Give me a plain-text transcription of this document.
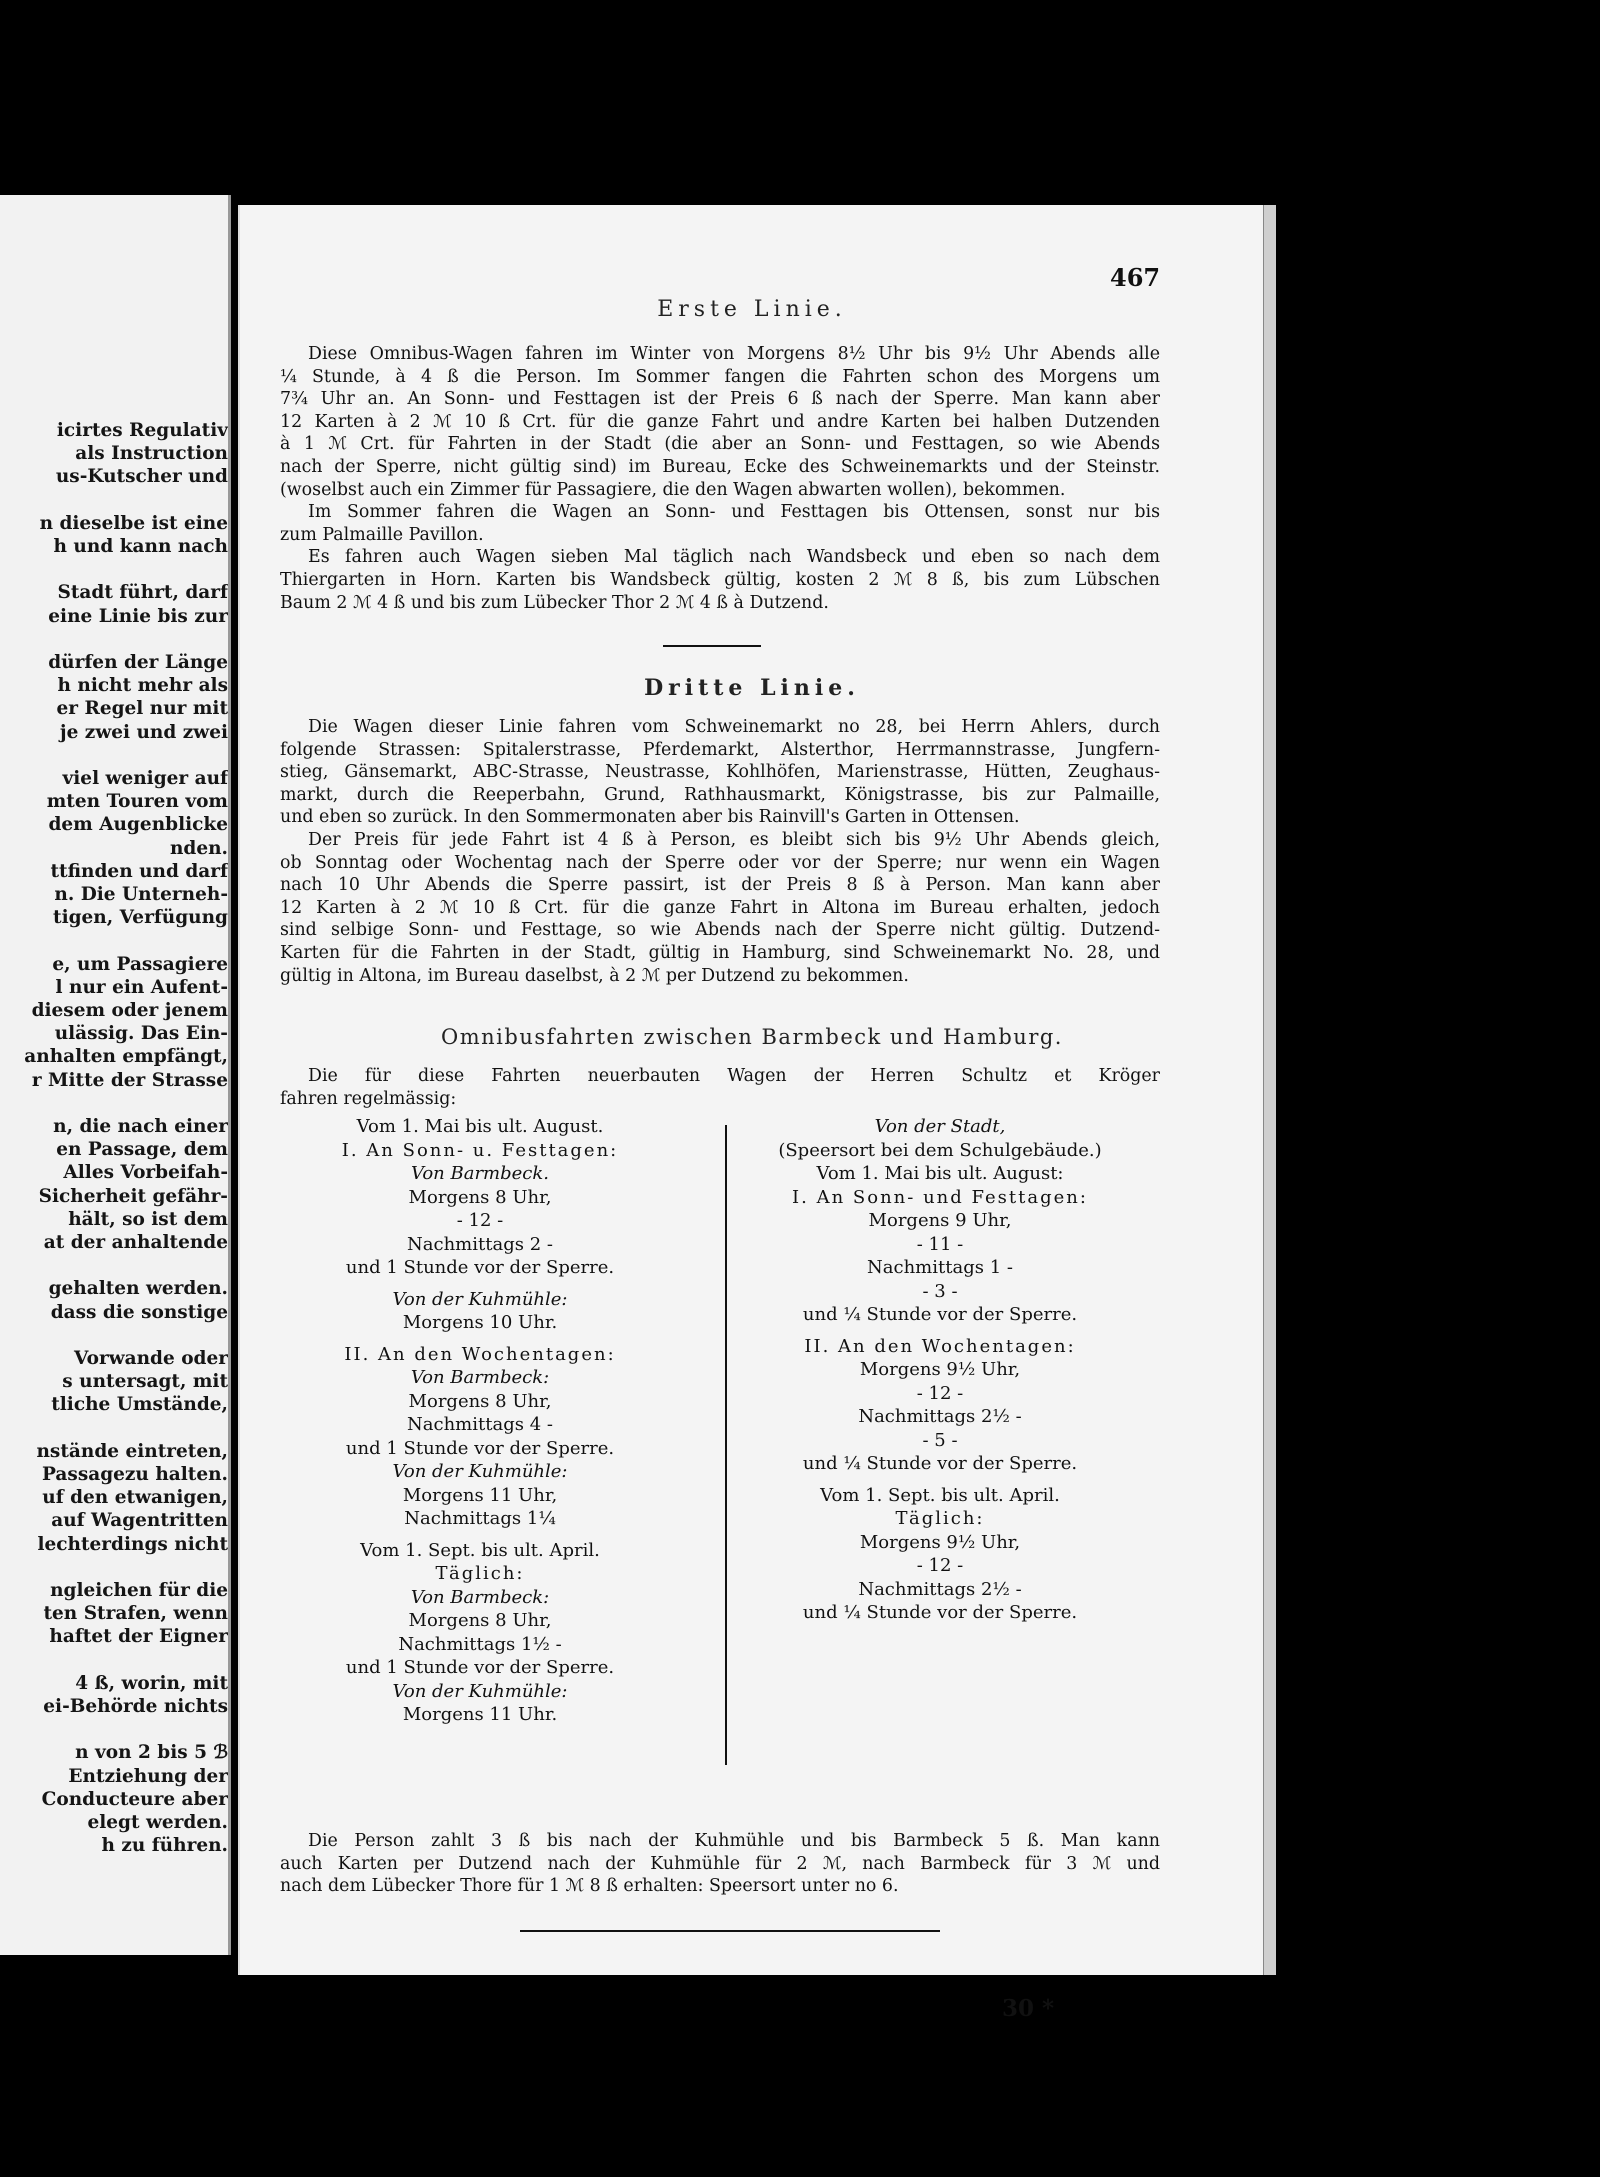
icirtes Regulativ
als Instruction
us-Kutscher und
n dieselbe ist eine
h und kann nach
Stadt führt, darf
eine Linie bis zur
dürfen der Länge
h nicht mehr als
er Regel nur mit
je zwei und zwei
viel weniger auf
mten Touren vom
dem Augenblicke
nden.
ttfinden und darf
n. Die Unterneh-
tigen, Verfügung
e, um Passagiere
l nur ein Aufent-
diesem oder jenem
ulässig. Das Ein-
anhalten empfängt,
r Mitte der Strasse
n, die nach einer
en Passage, dem
Alles Vorbeifah-
Sicherheit gefähr-
hält, so ist dem
at der anhaltende
gehalten werden.
dass die sonstige
Vorwande oder
s untersagt, mit
tliche Umstände,
nstände eintreten,
Passagezu halten.
uf den etwanigen,
auf Wagentritten
lechterdings nicht
ngleichen für die
ten Strafen, wenn
haftet der Eigner
4 ß, worin, mit
ei-Behörde nichts
n von 2 bis 5 ℬ
Entziehung der
Conducteure aber
elegt werden.
h zu führen.
467
Erste Linie.
Diese Omnibus-Wagen fahren im Winter von Morgens 8½ Uhr bis 9½ Uhr Abends alle
¼ Stunde, à 4 ß die Person. Im Sommer fangen die Fahrten schon des Morgens um
7¾ Uhr an. An Sonn- und Festtagen ist der Preis 6 ß nach der Sperre. Man kann aber
12 Karten à 2 ℳ 10 ß Crt. für die ganze Fahrt und andre Karten bei halben Dutzenden
à 1 ℳ Crt. für Fahrten in der Stadt (die aber an Sonn- und Festtagen, so wie Abends
nach der Sperre, nicht gültig sind) im Bureau, Ecke des Schweinemarkts und der Steinstr.
(woselbst auch ein Zimmer für Passagiere, die den Wagen abwarten wollen), bekommen.
Im Sommer fahren die Wagen an Sonn- und Festtagen bis Ottensen, sonst nur bis
zum Palmaille Pavillon.
Es fahren auch Wagen sieben Mal täglich nach Wandsbeck und eben so nach dem
Thiergarten in Horn. Karten bis Wandsbeck gültig, kosten 2 ℳ 8 ß, bis zum Lübschen
Baum 2 ℳ 4 ß und bis zum Lübecker Thor 2 ℳ 4 ß à Dutzend.
Dritte Linie.
Die Wagen dieser Linie fahren vom Schweinemarkt no 28, bei Herrn Ahlers, durch
folgende Strassen: Spitalerstrasse, Pferdemarkt, Alsterthor, Herrmannstrasse, Jungfern-
stieg, Gänsemarkt, ABC-Strasse, Neustrasse, Kohlhöfen, Marienstrasse, Hütten, Zeughaus-
markt, durch die Reeperbahn, Grund, Rathhausmarkt, Königstrasse, bis zur Palmaille,
und eben so zurück. In den Sommermonaten aber bis Rainvill's Garten in Ottensen.
Der Preis für jede Fahrt ist 4 ß à Person, es bleibt sich bis 9½ Uhr Abends gleich,
ob Sonntag oder Wochentag nach der Sperre oder vor der Sperre; nur wenn ein Wagen
nach 10 Uhr Abends die Sperre passirt, ist der Preis 8 ß à Person. Man kann aber
12 Karten à 2 ℳ 10 ß Crt. für die ganze Fahrt in Altona im Bureau erhalten, jedoch
sind selbige Sonn- und Festtage, so wie Abends nach der Sperre nicht gültig. Dutzend-
Karten für die Fahrten in der Stadt, gültig in Hamburg, sind Schweinemarkt No. 28, und
gültig in Altona, im Bureau daselbst, à 2 ℳ per Dutzend zu bekommen.
Omnibusfahrten zwischen Barmbeck und Hamburg.
Die für diese Fahrten neuerbauten Wagen der Herren Schultz et Kröger
fahren regelmässig:
Vom 1. Mai bis ult. August.
I. An Sonn- u. Festtagen:
Von Barmbeck.
Morgens 8 Uhr,
- 12 -
Nachmittags 2 -
und 1 Stunde vor der Sperre.
Von der Kuhmühle:
Morgens 10 Uhr.
II. An den Wochentagen:
Von Barmbeck:
Morgens 8 Uhr,
Nachmittags 4 -
und 1 Stunde vor der Sperre.
Von der Kuhmühle:
Morgens 11 Uhr,
Nachmittags 1¼
Vom 1. Sept. bis ult. April.
Täglich:
Von Barmbeck:
Morgens 8 Uhr,
Nachmittags 1½ -
und 1 Stunde vor der Sperre.
Von der Kuhmühle:
Morgens 11 Uhr.
Von der Stadt,
(Speersort bei dem Schulgebäude.)
Vom 1. Mai bis ult. August:
I. An Sonn- und Festtagen:
Morgens 9 Uhr,
- 11 -
Nachmittags 1 -
- 3 -
und ¼ Stunde vor der Sperre.
II. An den Wochentagen:
Morgens 9½ Uhr,
- 12 -
Nachmittags 2½ -
- 5 -
und ¼ Stunde vor der Sperre.
Vom 1. Sept. bis ult. April.
Täglich:
Morgens 9½ Uhr,
- 12 -
Nachmittags 2½ -
und ¼ Stunde vor der Sperre.
Die Person zahlt 3 ß bis nach der Kuhmühle und bis Barmbeck 5 ß. Man kann
auch Karten per Dutzend nach der Kuhmühle für 2 ℳ, nach Barmbeck für 3 ℳ und
nach dem Lübecker Thore für 1 ℳ 8 ß erhalten: Speersort unter no 6.
30 *
